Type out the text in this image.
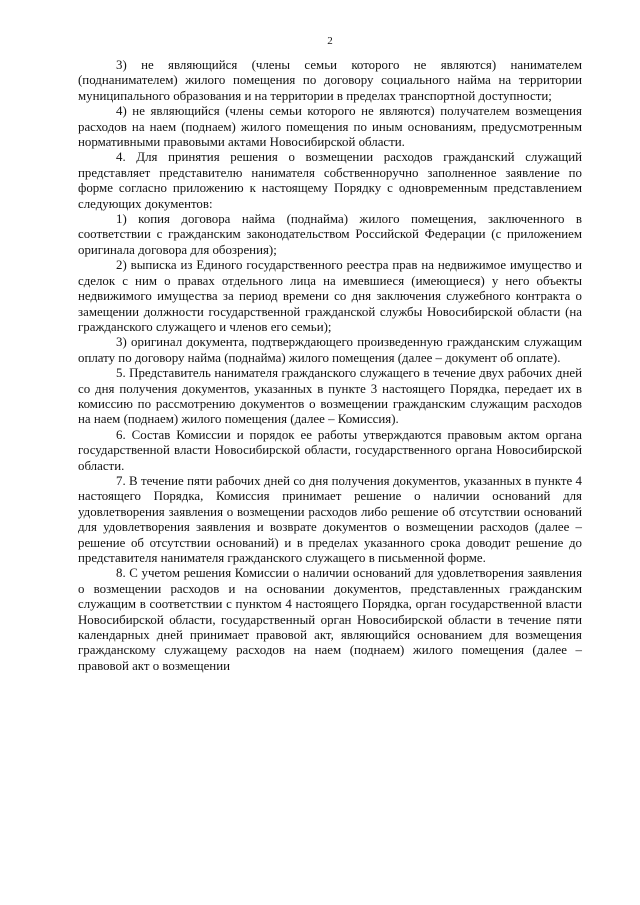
2

3) не являющийся (члены семьи которого не являются) нанимателем (поднанимателем) жилого помещения по договору социального найма на территории муниципального образования и на территории в пределах транспортной доступности;

4) не являющийся (члены семьи которого не являются) получателем возмещения расходов на наем (поднаем) жилого помещения по иным основаниям, предусмотренным нормативными правовыми актами Новосибирской области.

4. Для принятия решения о возмещении расходов гражданский служащий представляет представителю нанимателя собственноручно заполненное заявление по форме согласно приложению к настоящему Порядку с одновременным представлением следующих документов:

1) копия договора найма (поднайма) жилого помещения, заключенного в соответствии с гражданским законодательством Российской Федерации (с приложением оригинала договора для обозрения);

2) выписка из Единого государственного реестра прав на недвижимое имущество и сделок с ним о правах отдельного лица на имевшиеся (имеющиеся) у него объекты недвижимого имущества за период времени со дня заключения служебного контракта о замещении должности государственной гражданской службы Новосибирской области (на гражданского служащего и членов его семьи);

3) оригинал документа, подтверждающего произведенную гражданским служащим оплату по договору найма (поднайма) жилого помещения (далее – документ об оплате).

5. Представитель нанимателя гражданского служащего в течение двух рабочих дней со дня получения документов, указанных в пункте 3 настоящего Порядка, передает их в комиссию по рассмотрению документов о возмещении гражданским служащим расходов на наем (поднаем) жилого помещения (далее – Комиссия).

6. Состав Комиссии и порядок ее работы утверждаются правовым актом органа государственной власти Новосибирской области, государственного органа Новосибирской области.

7. В течение пяти рабочих дней со дня получения документов, указанных в пункте 4 настоящего Порядка, Комиссия принимает решение о наличии оснований для удовлетворения заявления о возмещении расходов либо решение об отсутствии оснований для удовлетворения заявления и возврате документов о возмещении расходов (далее – решение об отсутствии оснований) и в пределах указанного срока доводит решение до представителя нанимателя гражданского служащего в письменной форме.

8. С учетом решения Комиссии о наличии оснований для удовлетворения заявления о возмещении расходов и на основании документов, представленных гражданским служащим в соответствии с пунктом 4 настоящего Порядка, орган государственной власти Новосибирской области, государственный орган Новосибирской области в течение пяти календарных дней принимает правовой акт, являющийся основанием для возмещения гражданскому служащему расходов на наем (поднаем) жилого помещения (далее – правовой акт о возмещении
